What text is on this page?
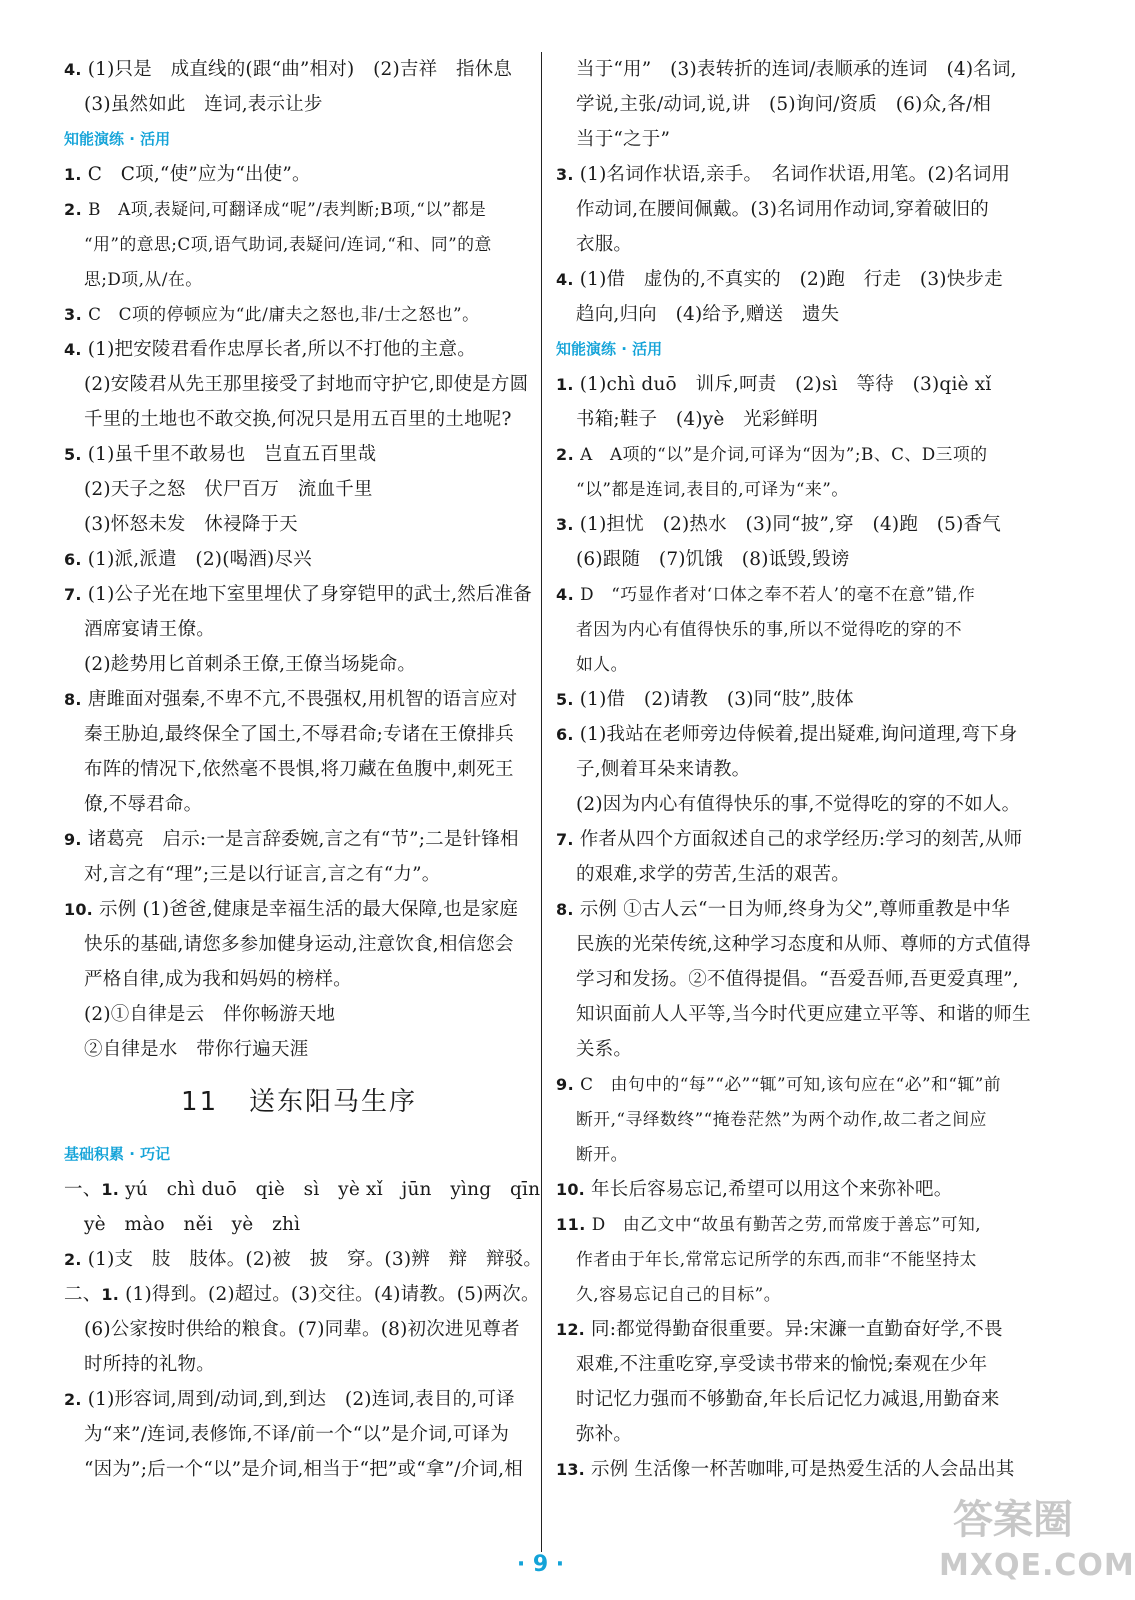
4. (1)只是　成直线的(跟“曲”相对)　(2)吉祥　指休息
(3)虽然如此　连词,表示让步
知能演练 · 活用
1. C　C项,“使”应为“出使”。
2. B　A项,表疑问,可翻译成“呢”/表判断;B项,“以”都是
“用”的意思;C项,语气助词,表疑问/连词,“和、同”的意
思;D项,从/在。
3. C　C项的停顿应为“此/庸夫之怒也,非/士之怒也”。
4. (1)把安陵君看作忠厚长者,所以不打他的主意。
(2)安陵君从先王那里接受了封地而守护它,即使是方圆
千里的土地也不敢交换,何况只是用五百里的土地呢?
5. (1)虽千里不敢易也　岂直五百里哉
(2)天子之怒　伏尸百万　流血千里
(3)怀怒未发　休祲降于天
6. (1)派,派遣　(2)(喝酒)尽兴
7. (1)公子光在地下室里埋伏了身穿铠甲的武士,然后准备
酒席宴请王僚。
(2)趁势用匕首刺杀王僚,王僚当场毙命。
8. 唐雎面对强秦,不卑不亢,不畏强权,用机智的语言应对
秦王胁迫,最终保全了国土,不辱君命;专诸在王僚排兵
布阵的情况下,依然毫不畏惧,将刀藏在鱼腹中,刺死王
僚,不辱君命。
9. 诸葛亮　启示:一是言辞委婉,言之有“节”;二是针锋相
对,言之有“理”;三是以行证言,言之有“力”。
10. 示例 (1)爸爸,健康是幸福生活的最大保障,也是家庭
快乐的基础,请您多参加健身运动,注意饮食,相信您会
严格自律,成为我和妈妈的榜样。
(2)①自律是云　伴你畅游天地
②自律是水　带你行遍天涯
11 送东阳马生序
基础积累 · 巧记
一、1. yú　chì duō　qiè　sì　yè xǐ　jūn　yìng　qīn
yè　mào　něi　yè　zhì
2. (1)支　肢　肢体。(2)被　披　穿。(3)辨　辩　辩驳。
二、1. (1)得到。(2)超过。(3)交往。(4)请教。(5)两次。
(6)公家按时供给的粮食。(7)同辈。(8)初次进见尊者
时所持的礼物。
2. (1)形容词,周到/动词,到,到达　(2)连词,表目的,可译
为“来”/连词,表修饰,不译/前一个“以”是介词,可译为
“因为”;后一个“以”是介词,相当于“把”或“拿”/介词,相
当于“用”　(3)表转折的连词/表顺承的连词　(4)名词,
学说,主张/动词,说,讲　(5)询问/资质　(6)众,各/相
当于“之于”
3. (1)名词作状语,亲手。　名词作状语,用笔。(2)名词用
作动词,在腰间佩戴。(3)名词用作动词,穿着破旧的
衣服。
4. (1)借　虚伪的,不真实的　(2)跑　行走　(3)快步走
趋向,归向　(4)给予,赠送　遗失
知能演练 · 活用
1. (1)chì duō　训斥,呵责　(2)sì　等待　(3)qiè xǐ
书箱;鞋子　(4)yè　光彩鲜明
2. A　A项的“以”是介词,可译为“因为”;B、C、D三项的
“以”都是连词,表目的,可译为“来”。
3. (1)担忧　(2)热水　(3)同“披”,穿　(4)跑　(5)香气
(6)跟随　(7)饥饿　(8)诋毁,毁谤
4. D　“巧显作者对‘口体之奉不若人’的毫不在意”错,作
者因为内心有值得快乐的事,所以不觉得吃的穿的不
如人。
5. (1)借　(2)请教　(3)同“肢”,肢体
6. (1)我站在老师旁边侍候着,提出疑难,询问道理,弯下身
子,侧着耳朵来请教。
(2)因为内心有值得快乐的事,不觉得吃的穿的不如人。
7. 作者从四个方面叙述自己的求学经历:学习的刻苦,从师
的艰难,求学的劳苦,生活的艰苦。
8. 示例 ①古人云“一日为师,终身为父”,尊师重教是中华
民族的光荣传统,这种学习态度和从师、尊师的方式值得
学习和发扬。②不值得提倡。“吾爱吾师,吾更爱真理”,
知识面前人人平等,当今时代更应建立平等、和谐的师生
关系。
9. C　由句中的“每”“必”“辄”可知,该句应在“必”和“辄”前
断开,“寻绎数终”“掩卷茫然”为两个动作,故二者之间应
断开。
10. 年长后容易忘记,希望可以用这个来弥补吧。
11. D　由乙文中“故虽有勤苦之劳,而常废于善忘”可知,
作者由于年长,常常忘记所学的东西,而非“不能坚持太
久,容易忘记自己的目标”。
12. 同:都觉得勤奋很重要。异:宋濂一直勤奋好学,不畏
艰难,不注重吃穿,享受读书带来的愉悦;秦观在少年
时记忆力强而不够勤奋,年长后记忆力减退,用勤奋来
弥补。
13. 示例 生活像一杯苦咖啡,可是热爱生活的人会品出其
· 9 ·
答案圈
MXQE.COM
